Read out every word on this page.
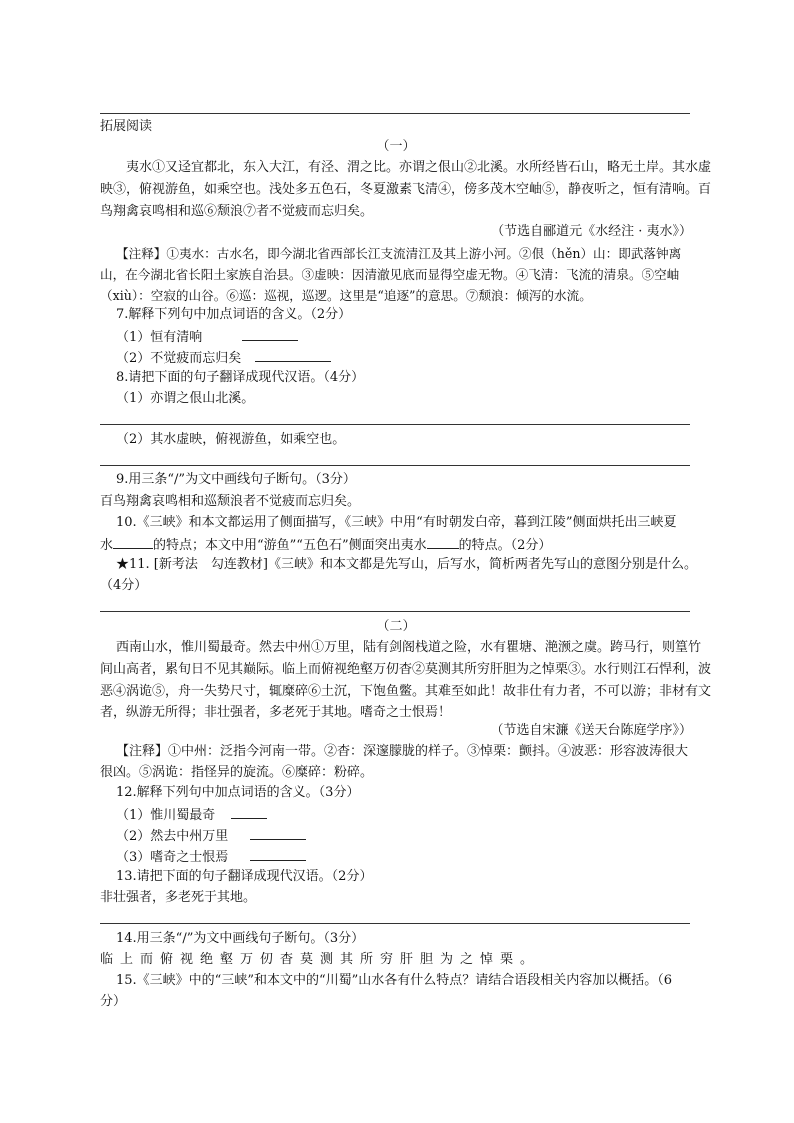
拓展阅读
（一）
夷水①又迳宜都北，东入大江，有泾、渭之比。亦谓之佷山②北溪。水所经皆石山，略无土岸。其水虚
映③，俯视游鱼，如乘空也。浅处多五色石，冬夏激素飞清④，傍多茂木空岫⑤，静夜听之，恒有清响。百
鸟翔禽哀鸣相和巡⑥颓浪⑦者不觉疲而忘归矣。
（节选自郦道元《水经注 · 夷水》）
【注释】①夷水：古水名，即今湖北省西部长江支流清江及其上游小河。②佷（hěn）山：即武落钟离
山，在今湖北省长阳土家族自治县。③虚映：因清澈见底而显得空虚无物。④飞清：飞流的清泉。⑤空岫
（xiù）：空寂的山谷。⑥巡：巡视，巡逻。这里是“追逐”的意思。⑦颓浪：倾泻的水流。
7.解释下列句中加点词语的含义。（2分）
（1）恒有清响
（2）不觉疲而忘归矣
8.请把下面的句子翻译成现代汉语。（4分）
（1）亦谓之佷山北溪。
（2）其水虚映，俯视游鱼，如乘空也。
9.用三条“/”为文中画线句子断句。（3分）
百鸟翔禽哀鸣相和巡颓浪者不觉疲而忘归矣。
10.《三峡》和本文都运用了侧面描写，《三峡》中用“有时朝发白帝，暮到江陵”侧面烘托出三峡夏
水	的特点；本文中用“游鱼”“五色石”侧面突出夷水 的特点。（2分）
★11. [新考法　勾连教材]《三峡》和本文都是先写山，后写水，简析两者先写山的意图分别是什么。
（4分）
（二）
西南山水，惟川蜀最奇。然去中州①万里，陆有剑阁栈道之险，水有瞿塘、滟滪之虞。跨马行，则篁竹
间山高者，累旬日不见其巅际。临上而俯视绝壑万仞杳②莫测其所穷肝胆为之悼栗③。水行则江石悍利，波
恶④涡诡⑤，舟一失势尺寸，辄糜碎⑥土沉，下饱鱼鳖。其难至如此！故非仕有力者，不可以游；非材有文
者，纵游无所得；非壮强者，多老死于其地。嗜奇之士恨焉！
（节选自宋濂《送天台陈庭学序》）
【注释】①中州：泛指今河南一带。②杳：深邃朦胧的样子。③悼栗：颤抖。④波恶：形容波涛很大
很凶。⑤涡诡：指怪异的旋流。⑥糜碎：粉碎。
12.解释下列句中加点词语的含义。（3分）
（1）惟川蜀最奇
（2）然去中州万里
（3）嗜奇之士恨焉
13.请把下面的句子翻译成现代汉语。（2分）
非壮强者，多老死于其地。
14.用三条“/”为文中画线句子断句。（3分）
临上而俯视绝壑万仞杳莫测其所穷肝胆为之悼栗。
15.《三峡》中的“三峡”和本文中的“川蜀”山水各有什么特点？请结合语段相关内容加以概括。（6
分）
